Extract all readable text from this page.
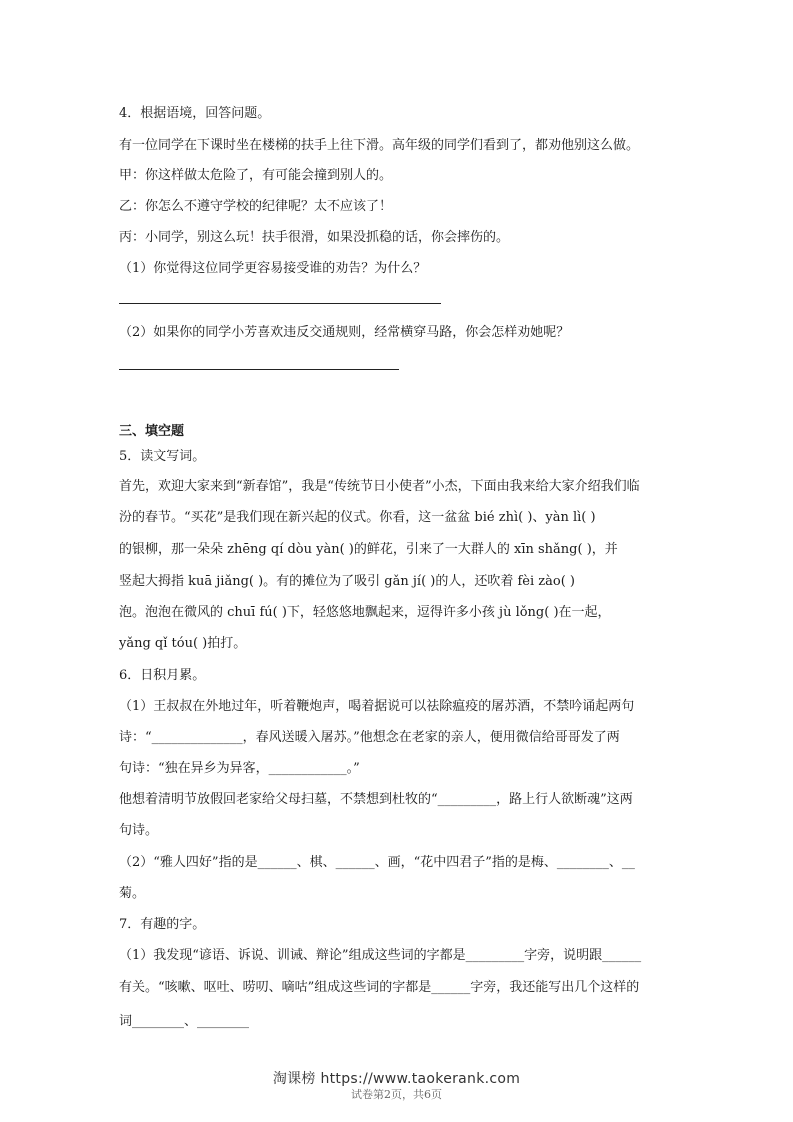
4．根据语境，回答问题。
有一位同学在下课时坐在楼梯的扶手上往下滑。高年级的同学们看到了，都劝他别这么做。
甲：你这样做太危险了，有可能会撞到别人的。
乙：你怎么不遵守学校的纪律呢？太不应该了！
丙：小同学，别这么玩！扶手很滑，如果没抓稳的话，你会摔伤的。
（1）你觉得这位同学更容易接受谁的劝告？为什么？
（2）如果你的同学小芳喜欢违反交通规则，经常横穿马路，你会怎样劝她呢？
三、填空题
5．读文写词。
首先，欢迎大家来到“新春馆”，我是“传统节日小使者”小杰，下面由我来给大家介绍我们临
汾的春节。“买花”是我们现在新兴起的仪式。你看，这一盆盆 bié zhì( )、yàn lì( )
的银柳，那一朵朵 zhēng qí dòu yàn( )的鲜花，引来了一大群人的 xīn shǎng( )，并
竖起大拇指 kuā jiǎng( )。有的摊位为了吸引 gǎn jí( )的人，还吹着 fèi zào( )
泡。泡泡在微风的 chuī fú( )下，轻悠悠地飘起来，逗得许多小孩 jù lǒng( )在一起，
yǎng qǐ tóu( )拍打。
6．日积月累。
（1）王叔叔在外地过年，听着鞭炮声，喝着据说可以祛除瘟疫的屠苏酒，不禁吟诵起两句
诗：“______________，春风送暖入屠苏。”他想念在老家的亲人，便用微信给哥哥发了两
句诗：“独在异乡为异客，____________。”
他想着清明节放假回老家给父母扫墓，不禁想到杜牧的“_________，路上行人欲断魂”这两
句诗。
（2）“雅人四好”指的是______、棋、______、画，“花中四君子”指的是梅、________、__
菊。
7．有趣的字。
（1）我发现“谚语、诉说、训诫、辩论”组成这些词的字都是_________字旁，说明跟______
有关。“咳嗽、呕吐、唠叨、嘀咕”组成这些词的字都是______字旁，我还能写出几个这样的
词________、________
淘课榜 https://www.taokerank.com
试卷第2页，共6页
